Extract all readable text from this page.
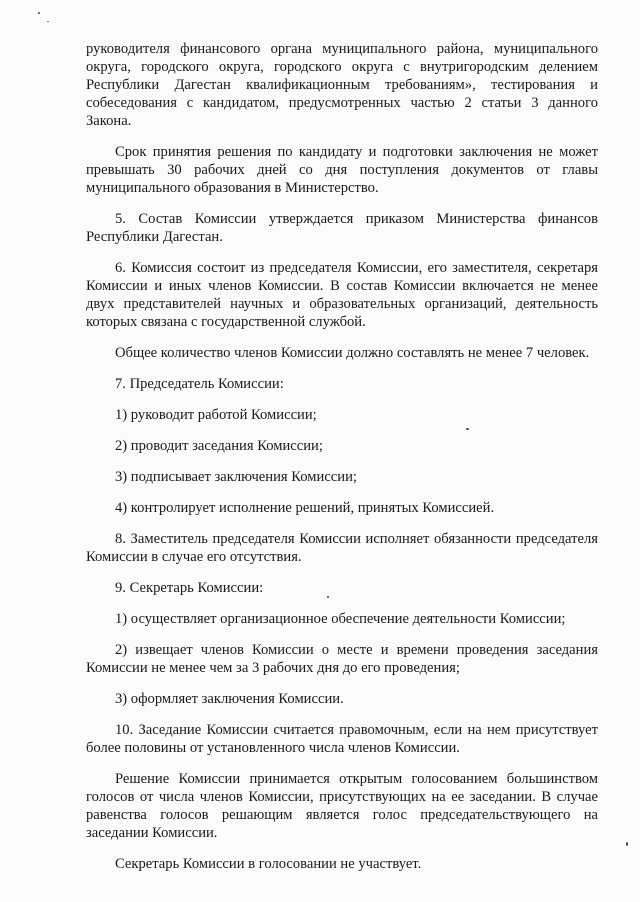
руководителя финансового органа муниципального района, муниципального округа, городского округа, городского округа с внутригородским делением Республики Дагестан квалификационным требованиям», тестирования и собеседования с кандидатом, предусмотренных частью 2 статьи 3 данного Закона.

Срок принятия решения по кандидату и подготовки заключения не может превышать 30 рабочих дней со дня поступления документов от главы муниципального образования в Министерство.

5. Состав Комиссии утверждается приказом Министерства финансов Республики Дагестан.

6. Комиссия состоит из председателя Комиссии, его заместителя, секретаря Комиссии и иных членов Комиссии. В состав Комиссии включается не менее двух представителей научных и образовательных организаций, деятельность которых связана с государственной службой.

Общее количество членов Комиссии должно составлять не менее 7 человек.

7. Председатель Комиссии:

1) руководит работой Комиссии;

2) проводит заседания Комиссии;

3) подписывает заключения Комиссии;

4) контролирует исполнение решений, принятых Комиссией.

8. Заместитель председателя Комиссии исполняет обязанности председателя Комиссии в случае его отсутствия.

9. Секретарь Комиссии:

1) осуществляет организационное обеспечение деятельности Комиссии;

2) извещает членов Комиссии о месте и времени проведения заседания Комиссии не менее чем за 3 рабочих дня до его проведения;

3) оформляет заключения Комиссии.

10. Заседание Комиссии считается правомочным, если на нем присутствует более половины от установленного числа членов Комиссии.

Решение Комиссии принимается открытым голосованием большинством голосов от числа членов Комиссии, присутствующих на ее заседании. В случае равенства голосов решающим является голос председательствующего на заседании Комиссии.

Секретарь Комиссии в голосовании не участвует.
